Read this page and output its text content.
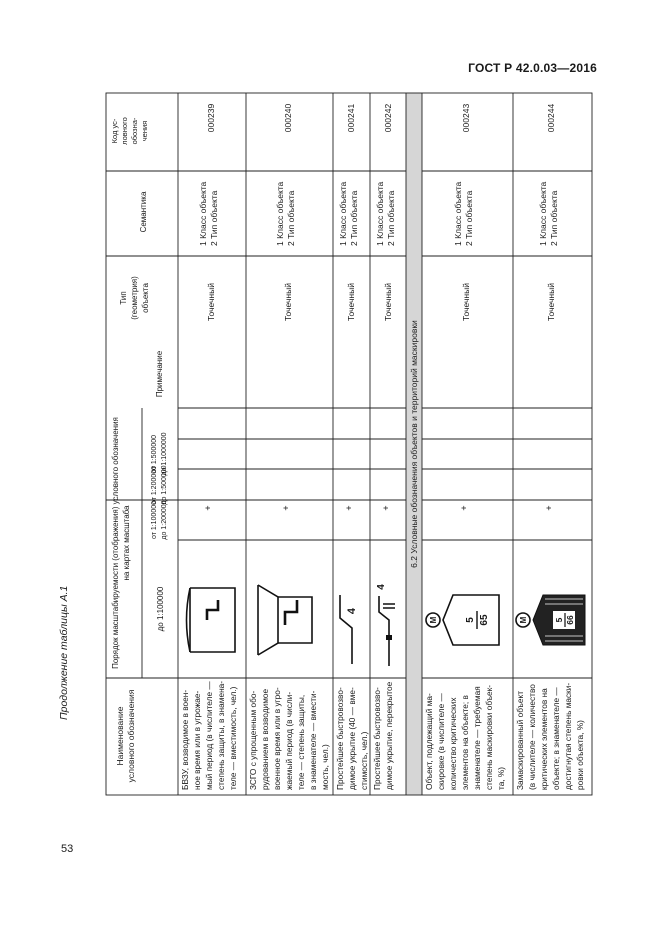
ГОСТ Р 42.0.03—2016
Продолжение таблицы А.1
53
Наименование условного обозначения
Порядок масштабируемости (отображения) условного обозначения на картах масштаба
до 1:100000
от 1:100000 до 1:200000
от 1:200000 до 1:500000
от 1:500000 до 1:1000000
Примечание
Тип (геометрия) объекта
Семантика
Код ус- ловного обозна- чения
БВЗУ, возводимое в воен- ное время или в угрожае- мый период (в числителе — степень защиты, в знамена- теле — вместимость, чел.)
+
Точечный
1 Класс объекта 2 Тип объекта
000239
ЗСГО с упрощенным обо- рудованием в возводимое военное время или в угро- жаемый период (в числи- теле — степень защиты, в знаменателе — вмести- мость, чел.)
+
Точечный
1 Класс объекта 2 Тип объекта
000240
Простейшее быстровозво- димое укрытие (40 — вме- стимость, чел.)
4
+
Точечный
1 Класс объекта 2 Тип объекта
000241
Простейшее быстровозво- димое укрытие, перекрытое
4
+
Точечный
1 Класс объекта 2 Тип объекта
000242
6.2 Условные обозначения объектов и территорий маскировки
Объект, подлежащий ма- скировке (в числителе — количество критических элементов на объекте; в знаменателе — требуемая степень маскировки объек- та, %)
М	5 65
+
Точечный
1 Класс объекта 2 Тип объекта
000243
Замаскированный объект (в числителе — количество критических элементов на объекте; в знаменателе — достигнутая степень маски- ровки объекта, %)
М	5 66
+
Точечный
1 Класс объекта 2 Тип объекта
000244
